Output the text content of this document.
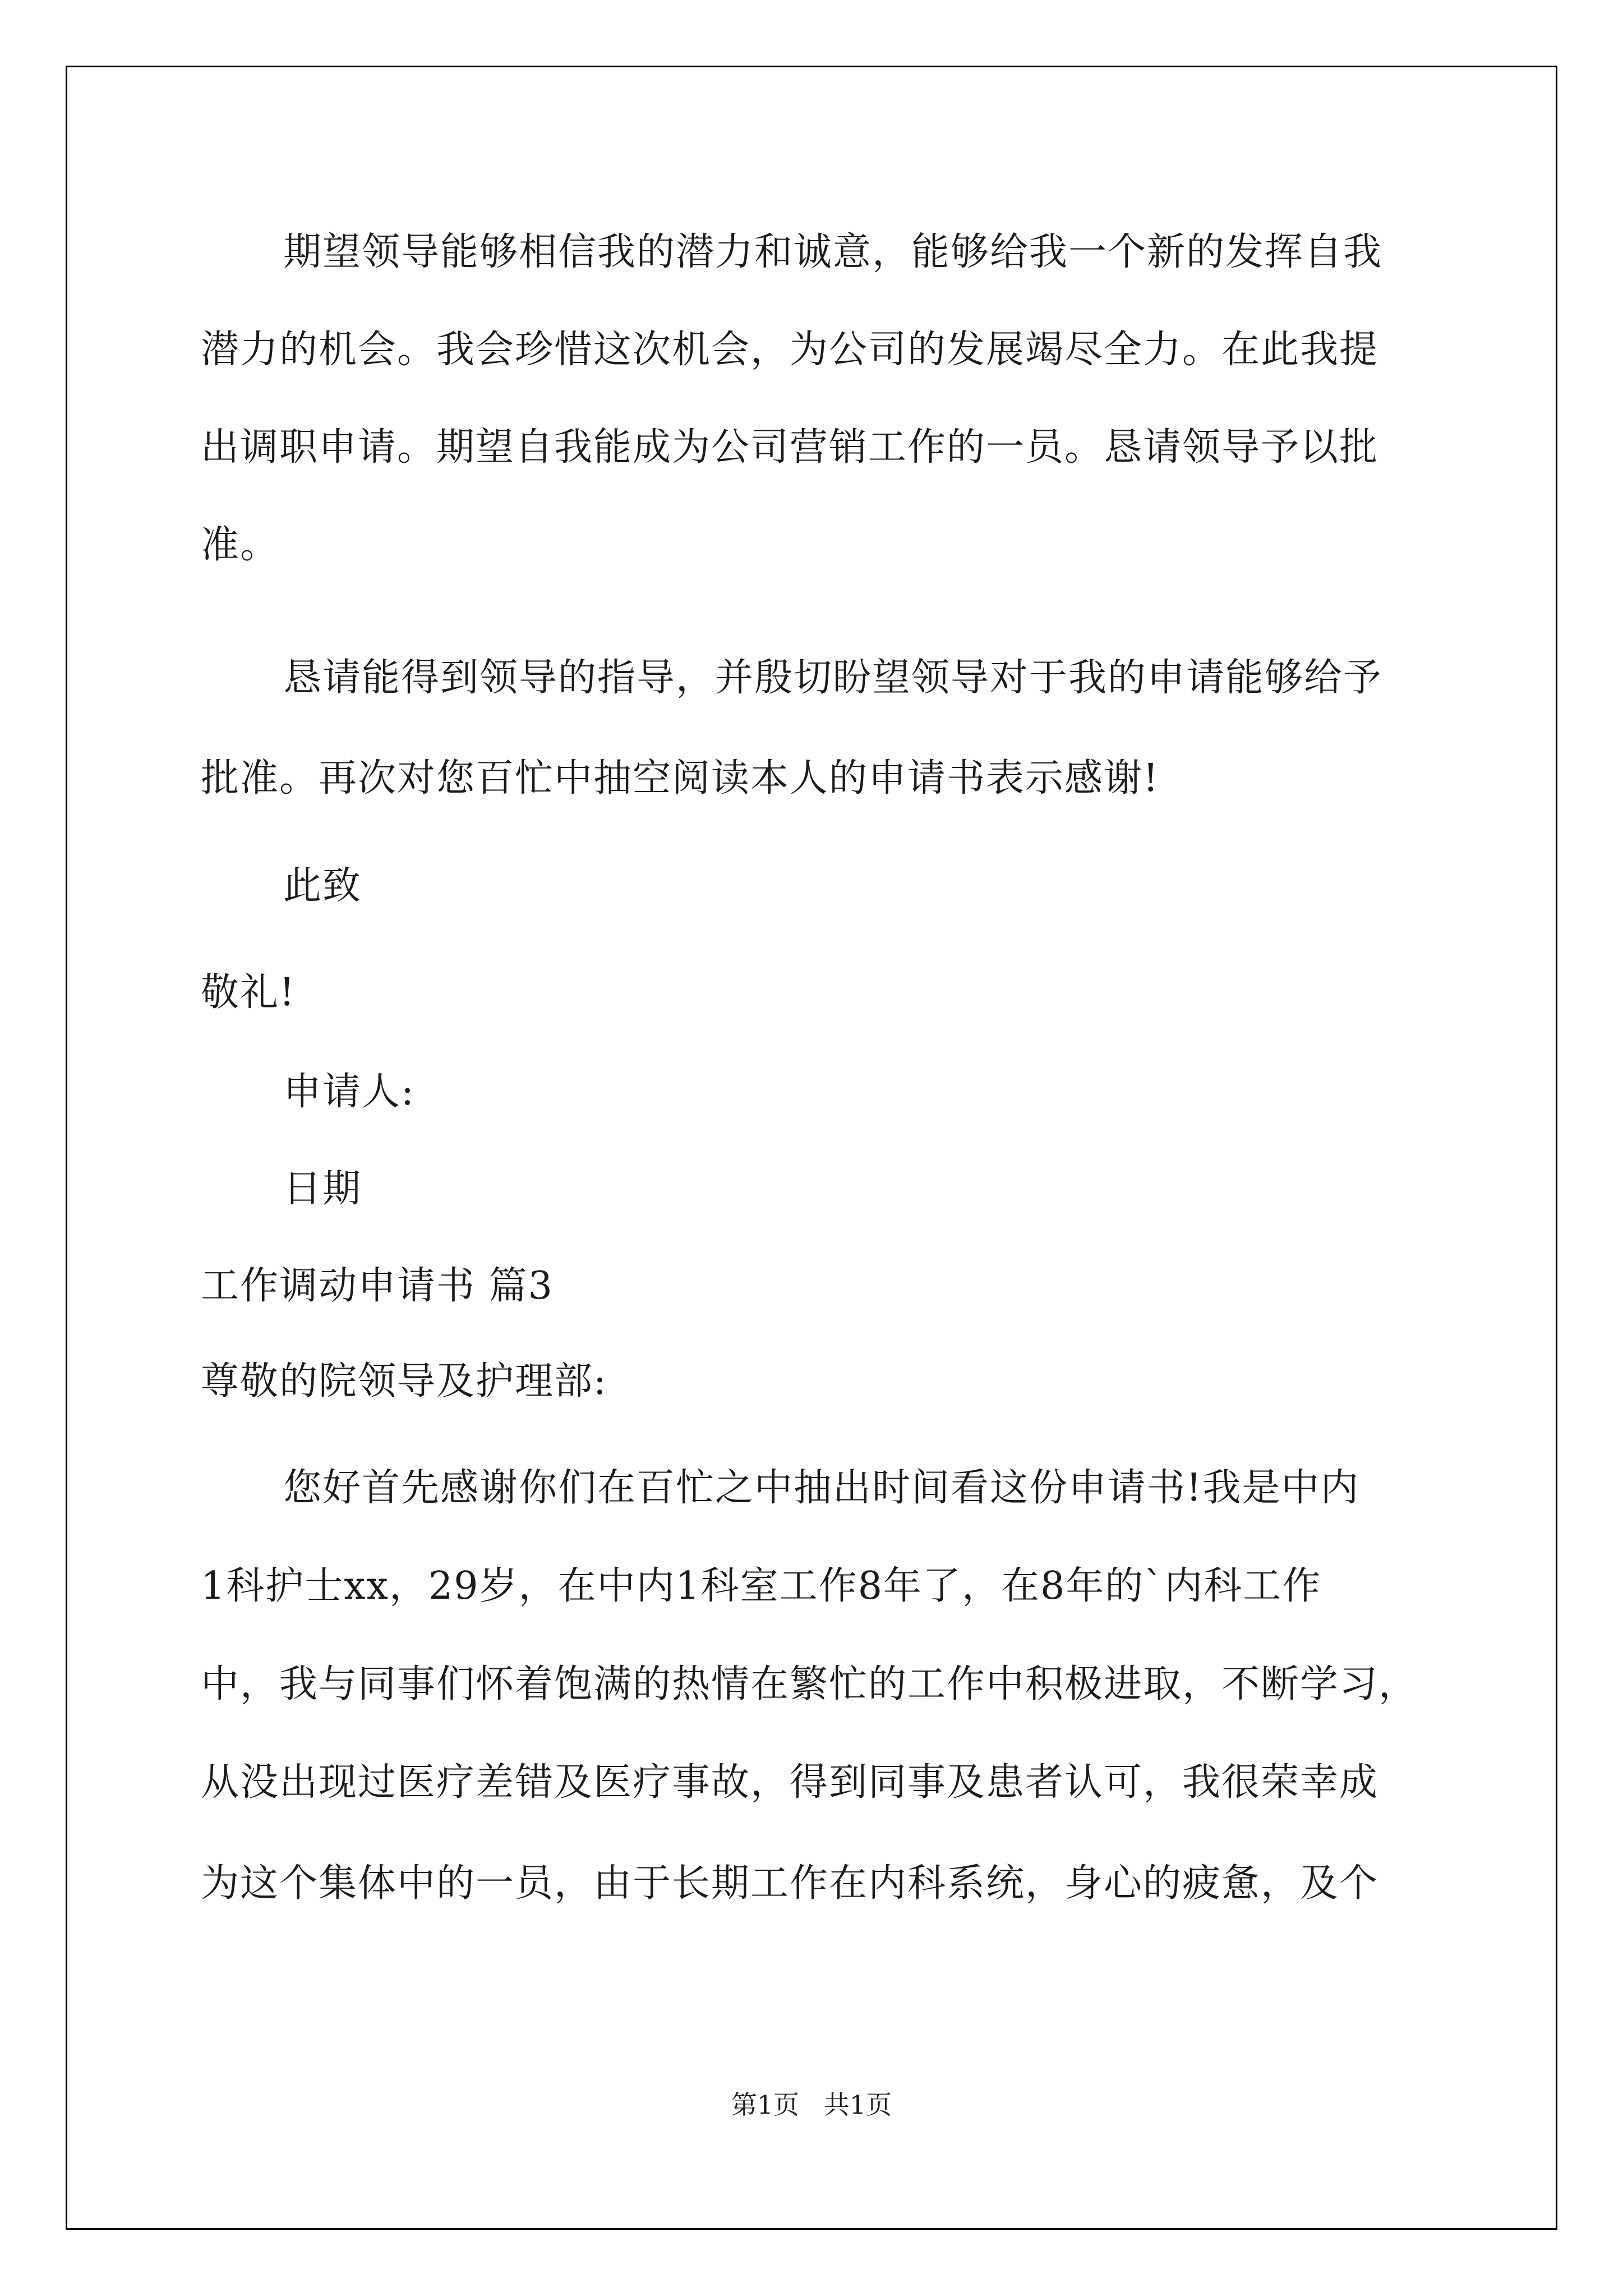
期望领导能够相信我的潜力和诚意，能够给我一个新的发挥自我
潜力的机会。我会珍惜这次机会，为公司的发展竭尽全力。在此我提
出调职申请。期望自我能成为公司营销工作的一员。恳请领导予以批
准。
恳请能得到领导的指导，并殷切盼望领导对于我的申请能够给予
批准。再次对您百忙中抽空阅读本人的申请书表示感谢!
此致
敬礼!
申请人:
日期
工作调动申请书 篇3
尊敬的院领导及护理部:
您好首先感谢你们在百忙之中抽出时间看这份申请书!我是中内
1科护士xx，29岁，在中内1科室工作8年了，在8年的`内科工作
中，我与同事们怀着饱满的热情在繁忙的工作中积极进取，不断学习，
从没出现过医疗差错及医疗事故，得到同事及患者认可，我很荣幸成
为这个集体中的一员，由于长期工作在内科系统，身心的疲惫，及个
第1页   共1页
